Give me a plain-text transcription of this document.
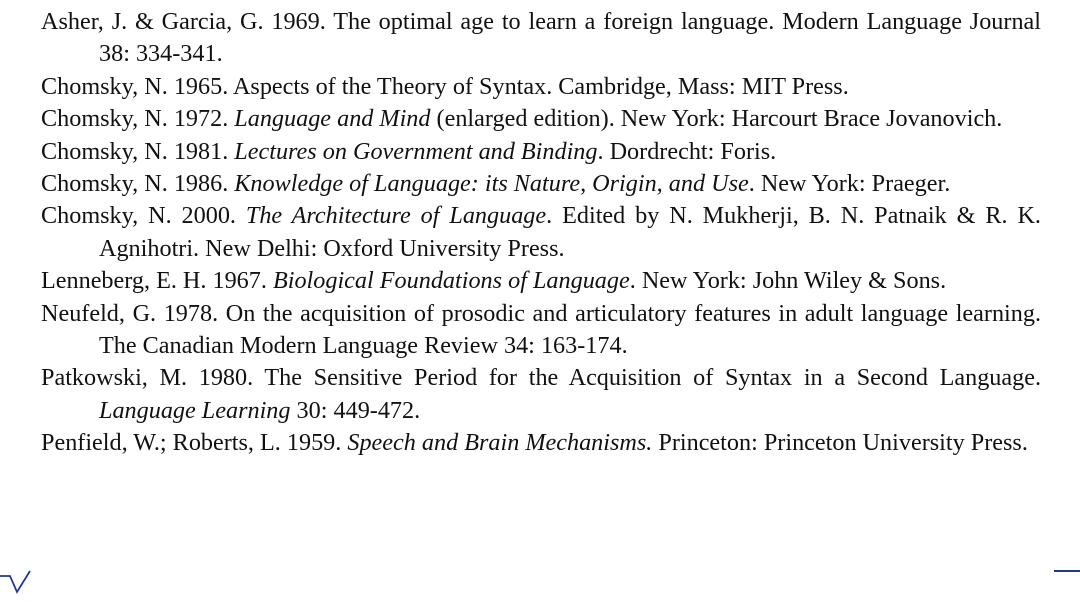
Asher, J. & Garcia, G. 1969. The optimal age to learn a foreign language. Modern Language Journal 38: 334-341.

Chomsky, N. 1965. Aspects of the Theory of Syntax. Cambridge, Mass: MIT Press.

Chomsky, N. 1972. Language and Mind (enlarged edition). New York: Harcourt Brace Jovanovich.

Chomsky, N. 1981. Lectures on Government and Binding. Dordrecht: Foris.

Chomsky, N. 1986. Knowledge of Language: its Nature, Origin, and Use. New York: Praeger.

Chomsky, N. 2000. The Architecture of Language. Edited by N. Mukherji, B. N. Patnaik & R. K. Agnihotri. New Delhi: Oxford University Press.

Lenneberg, E. H. 1967. Biological Foundations of Language. New York: John Wiley & Sons.

Neufeld, G. 1978. On the acquisition of prosodic and articulatory features in adult language learning. The Canadian Modern Language Review 34: 163-174.

Patkowski, M. 1980. The Sensitive Period for the Acquisition of Syntax in a Second Language. Language Learning 30: 449-472.

Penfield, W.; Roberts, L. 1959. Speech and Brain Mechanisms. Princeton: Princeton University Press.
